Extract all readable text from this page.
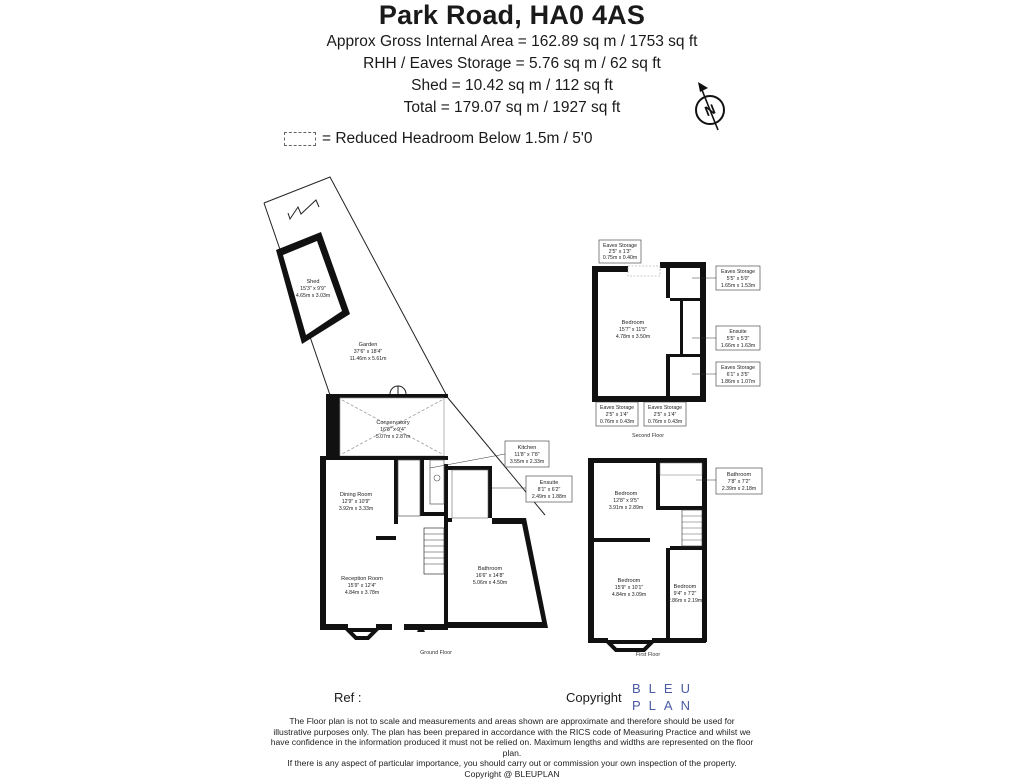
Park Road, HA0 4AS
Approx Gross Internal Area = 162.89 sq m / 1753 sq ft
RHH / Eaves Storage = 5.76 sq m / 62 sq ft
Shed = 10.42 sq m / 112 sq ft
Total = 179.07 sq m / 1927 sq ft
= Reduced Headroom Below 1.5m / 5'0
N
Shed
15'3" x 9'9"
4.65m x 3.03m
Garden
37'6" x 18'4"
11.46m x 5.61m
Conservatory
16'8" x 9'4"
5.07m x 2.87m
Dining Room
12'9" x 10'9"
3.92m x 3.33m
Reception Room
15'9" x 12'4"
4.84m x 3.78m
Bathroom
16'6" x 14'8"
5.06m x 4.50m
Ground Floor
Kitchen
11'8" x 7'8"
3.55m x 2.33m
Ensuite
8'1" x 6'2"
2.49m x 1.88m
Bedroom
15'7" x 11'5"
4.78m x 3.50m
Second Floor
Eaves Storage
2'5" x 1'3"
0.75m x 0.40m
Eaves Storage
5'5" x 5'0"
1.65m x 1.53m
Ensuite
5'5" x 5'3"
1.66m x 1.63m
Eaves Storage
6'1" x 3'5"
1.86m x 1.07m
Eaves Storage
2'5" x 1'4"
0.76m x 0.43m
Eaves Storage
2'5" x 1'4"
0.76m x 0.43m
Bedroom
12'8" x 9'5"
3.91m x 2.89m
Bedroom
15'9" x 10'1"
4.84m x 3.09m
Bedroom
9'4" x 7'2"
2.86m x 2.19m
First Floor
Bathroom
7'8" x 7'2"
2.39m x 2.18m
Ref :	Copyright
BLEU
PLAN
The Floor plan is not to scale and measurements and areas shown are approximate and therefore should be used for
illustrative purposes only. The plan has been prepared in accordance with the RICS code of Measuring Practice and whilst we
have confidence in the information produced it must not be relied on. Maximum lengths and widths are represented on the floor plan.
If there is any aspect of particular importance, you should carry out or commission your own inspection of the property.
Copyright @ BLEUPLAN
